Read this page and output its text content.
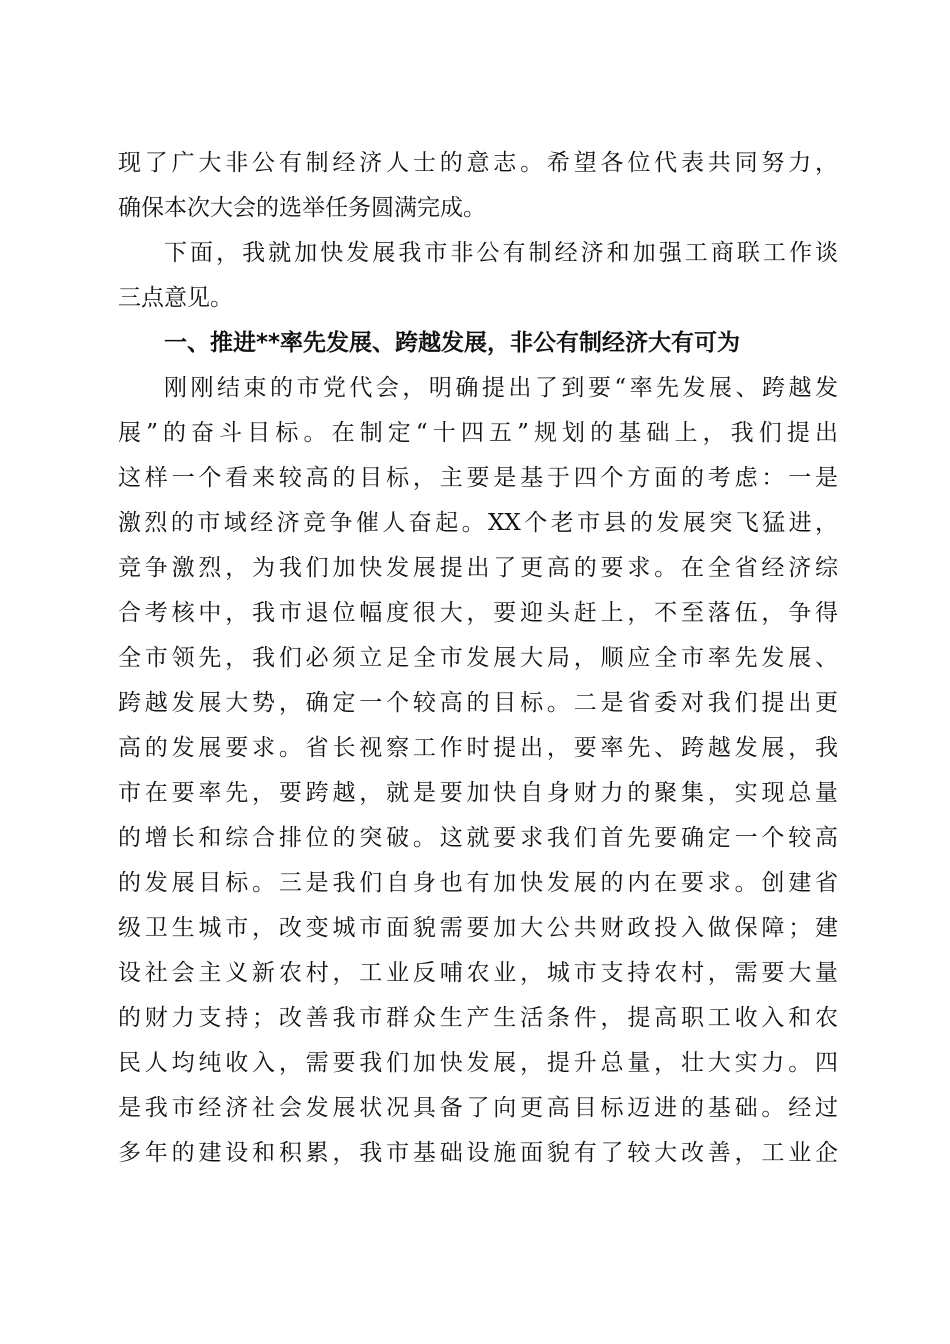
现了广大非公有制经济人士的意志。希望各位代表共同努力，
确保本次大会的选举任务圆满完成。
下面，我就加快发展我市非公有制经济和加强工商联工作谈
三点意见。
一、推进**率先发展、跨越发展，非公有制经济大有可为
刚刚结束的市党代会，明确提出了到要“率先发展、跨越发
展”的奋斗目标。在制定“十四五”规划的基础上，我们提出
这样一个看来较高的目标，主要是基于四个方面的考虑：一是
激烈的市域经济竞争催人奋起。XX个老市县的发展突飞猛进，
竞争激烈，为我们加快发展提出了更高的要求。在全省经济综
合考核中，我市退位幅度很大，要迎头赶上，不至落伍，争得
全市领先，我们必须立足全市发展大局，顺应全市率先发展、
跨越发展大势，确定一个较高的目标。二是省委对我们提出更
高的发展要求。省长视察工作时提出，要率先、跨越发展，我
市在要率先，要跨越，就是要加快自身财力的聚集，实现总量
的增长和综合排位的突破。这就要求我们首先要确定一个较高
的发展目标。三是我们自身也有加快发展的内在要求。创建省
级卫生城市，改变城市面貌需要加大公共财政投入做保障；建
设社会主义新农村，工业反哺农业，城市支持农村，需要大量
的财力支持；改善我市群众生产生活条件，提高职工收入和农
民人均纯收入，需要我们加快发展，提升总量，壮大实力。四
是我市经济社会发展状况具备了向更高目标迈进的基础。经过
多年的建设和积累，我市基础设施面貌有了较大改善，工业企
